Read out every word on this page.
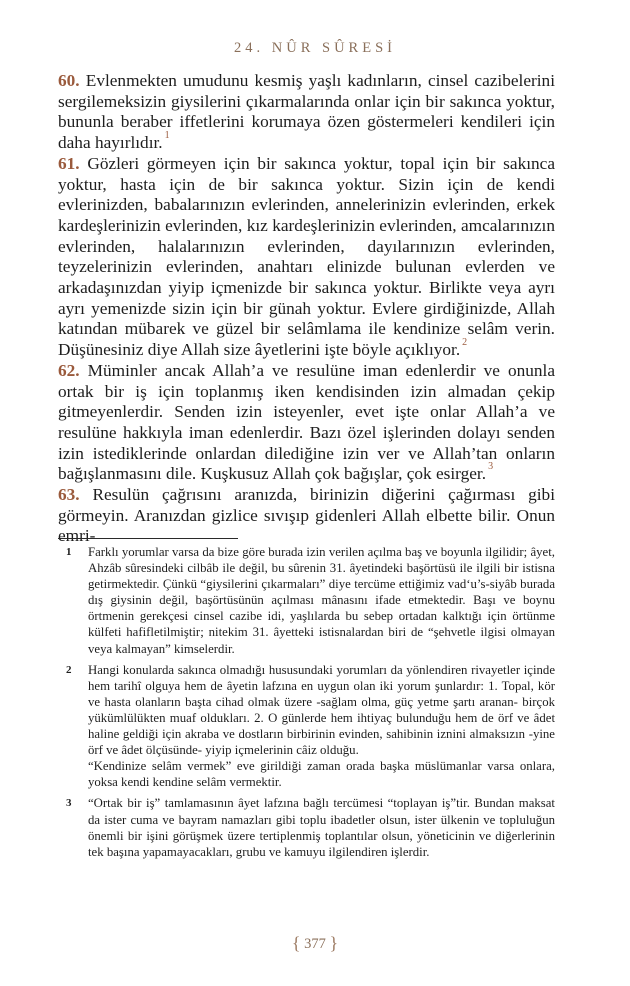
24. NÛR SÛRESİ

60. Evlenmekten umudunu kesmiş yaşlı kadınların, cinsel cazibelerini sergilemeksizin giysilerini çıkarmalarında onlar için bir sakınca yoktur, bununla beraber iffetlerini korumaya özen göstermeleri kendileri için daha hayırlıdır. $^1$

61. Gözleri görmeyen için bir sakınca yoktur, topal için bir sakınca yoktur, hasta için de bir sakınca yoktur. Sizin için de kendi evlerinizden, babalarınızın evlerinden, annelerinizin evlerinden, erkek kardeşlerinizin evlerinden, kız kardeşlerinizin evlerinden, amcalarınızın evlerinden, halalarınızın evlerinden, dayılarınızın evlerinden, teyzelerinizin evlerinden, anahtarı elinizde bulunan evlerden ve arkadaşınızdan yiyip içmenizde bir sakınca yoktur. Birlikte veya ayrı ayrı yemenizde sizin için bir günah yoktur. Evlere girdiğinizde, Allah katından mübarek ve güzel bir selâmlama ile kendinize selâm verin. Düşünesiniz diye Allah size âyetlerini işte böyle açıklıyor. $^2$

62. Müminler ancak Allah’a ve resulüne iman edenlerdir ve onunla ortak bir iş için toplanmış iken kendisinden izin almadan çekip gitmeyenlerdir. Senden izin isteyenler, evet işte onlar Allah’a ve resulüne hakkıyla iman edenlerdir. Bazı özel işlerinden dolayı senden izin istediklerinde onlardan dilediğine izin ver ve Allah’tan onların bağışlanmasını dile. Kuşkusuz Allah çok bağışlar, çok esirger. $^3$

63. Resulün çağrısını aranızda, birinizin diğerini çağırması gibi görmeyin. Aranızdan gizlice sıvışıp gidenleri Allah elbette bilir. Onun emri-

1 Farklı yorumlar varsa da bize göre burada izin verilen açılma baş ve boyunla ilgilidir; âyet, Ahzâb sûresindeki cilbâb ile değil, bu sûrenin 31. âyetindeki başörtüsü ile ilgili bir istisna getirmektedir. Çünkü “giysilerini çıkarmaları” diye tercüme ettiğimiz vad‘u’s-siyâb burada dış giysinin değil, başörtüsünün açılması mânasını ifade etmektedir. Başı ve boynu örtmenin gerekçesi cinsel cazibe idi, yaşlılarda bu sebep ortadan kalktığı için örtünme külfeti hafifletilmiştir; nitekim 31. âyetteki istisnalardan biri de “şehvetle ilgisi olmayan veya kalmayan” kimselerdir.

2 Hangi konularda sakınca olmadığı hususundaki yorumları da yönlendiren rivayetler içinde hem tarihî olguya hem de âyetin lafzına en uygun olan iki yorum şunlardır: 1. Topal, kör ve hasta olanların başta cihad olmak üzere -sağlam olma, güç yetme şartı aranan- birçok yükümlülükten muaf oldukları. 2. O günlerde hem ihtiyaç bulunduğu hem de örf ve âdet haline geldiği için akraba ve dostların birbirinin evinden, sahibinin iznini almaksızın -yine örf ve âdet ölçüsünde- yiyip içmelerinin câiz olduğu.

“Kendinize selâm vermek” eve girildiği zaman orada başka müslümanlar varsa onlara, yoksa kendi kendine selâm vermektir.

3 “Ortak bir iş” tamlamasının âyet lafzına bağlı tercümesi “toplayan iş”tir. Bundan maksat da ister cuma ve bayram namazları gibi toplu ibadetler olsun, ister ülkenin ve topluluğun önemli bir işini görüşmek üzere tertiplenmiş toplantılar olsun, yöneticinin ve diğerlerinin tek başına yapamayacakları, grubu ve kamuyu ilgilendiren işlerdir.

{ 377 }
